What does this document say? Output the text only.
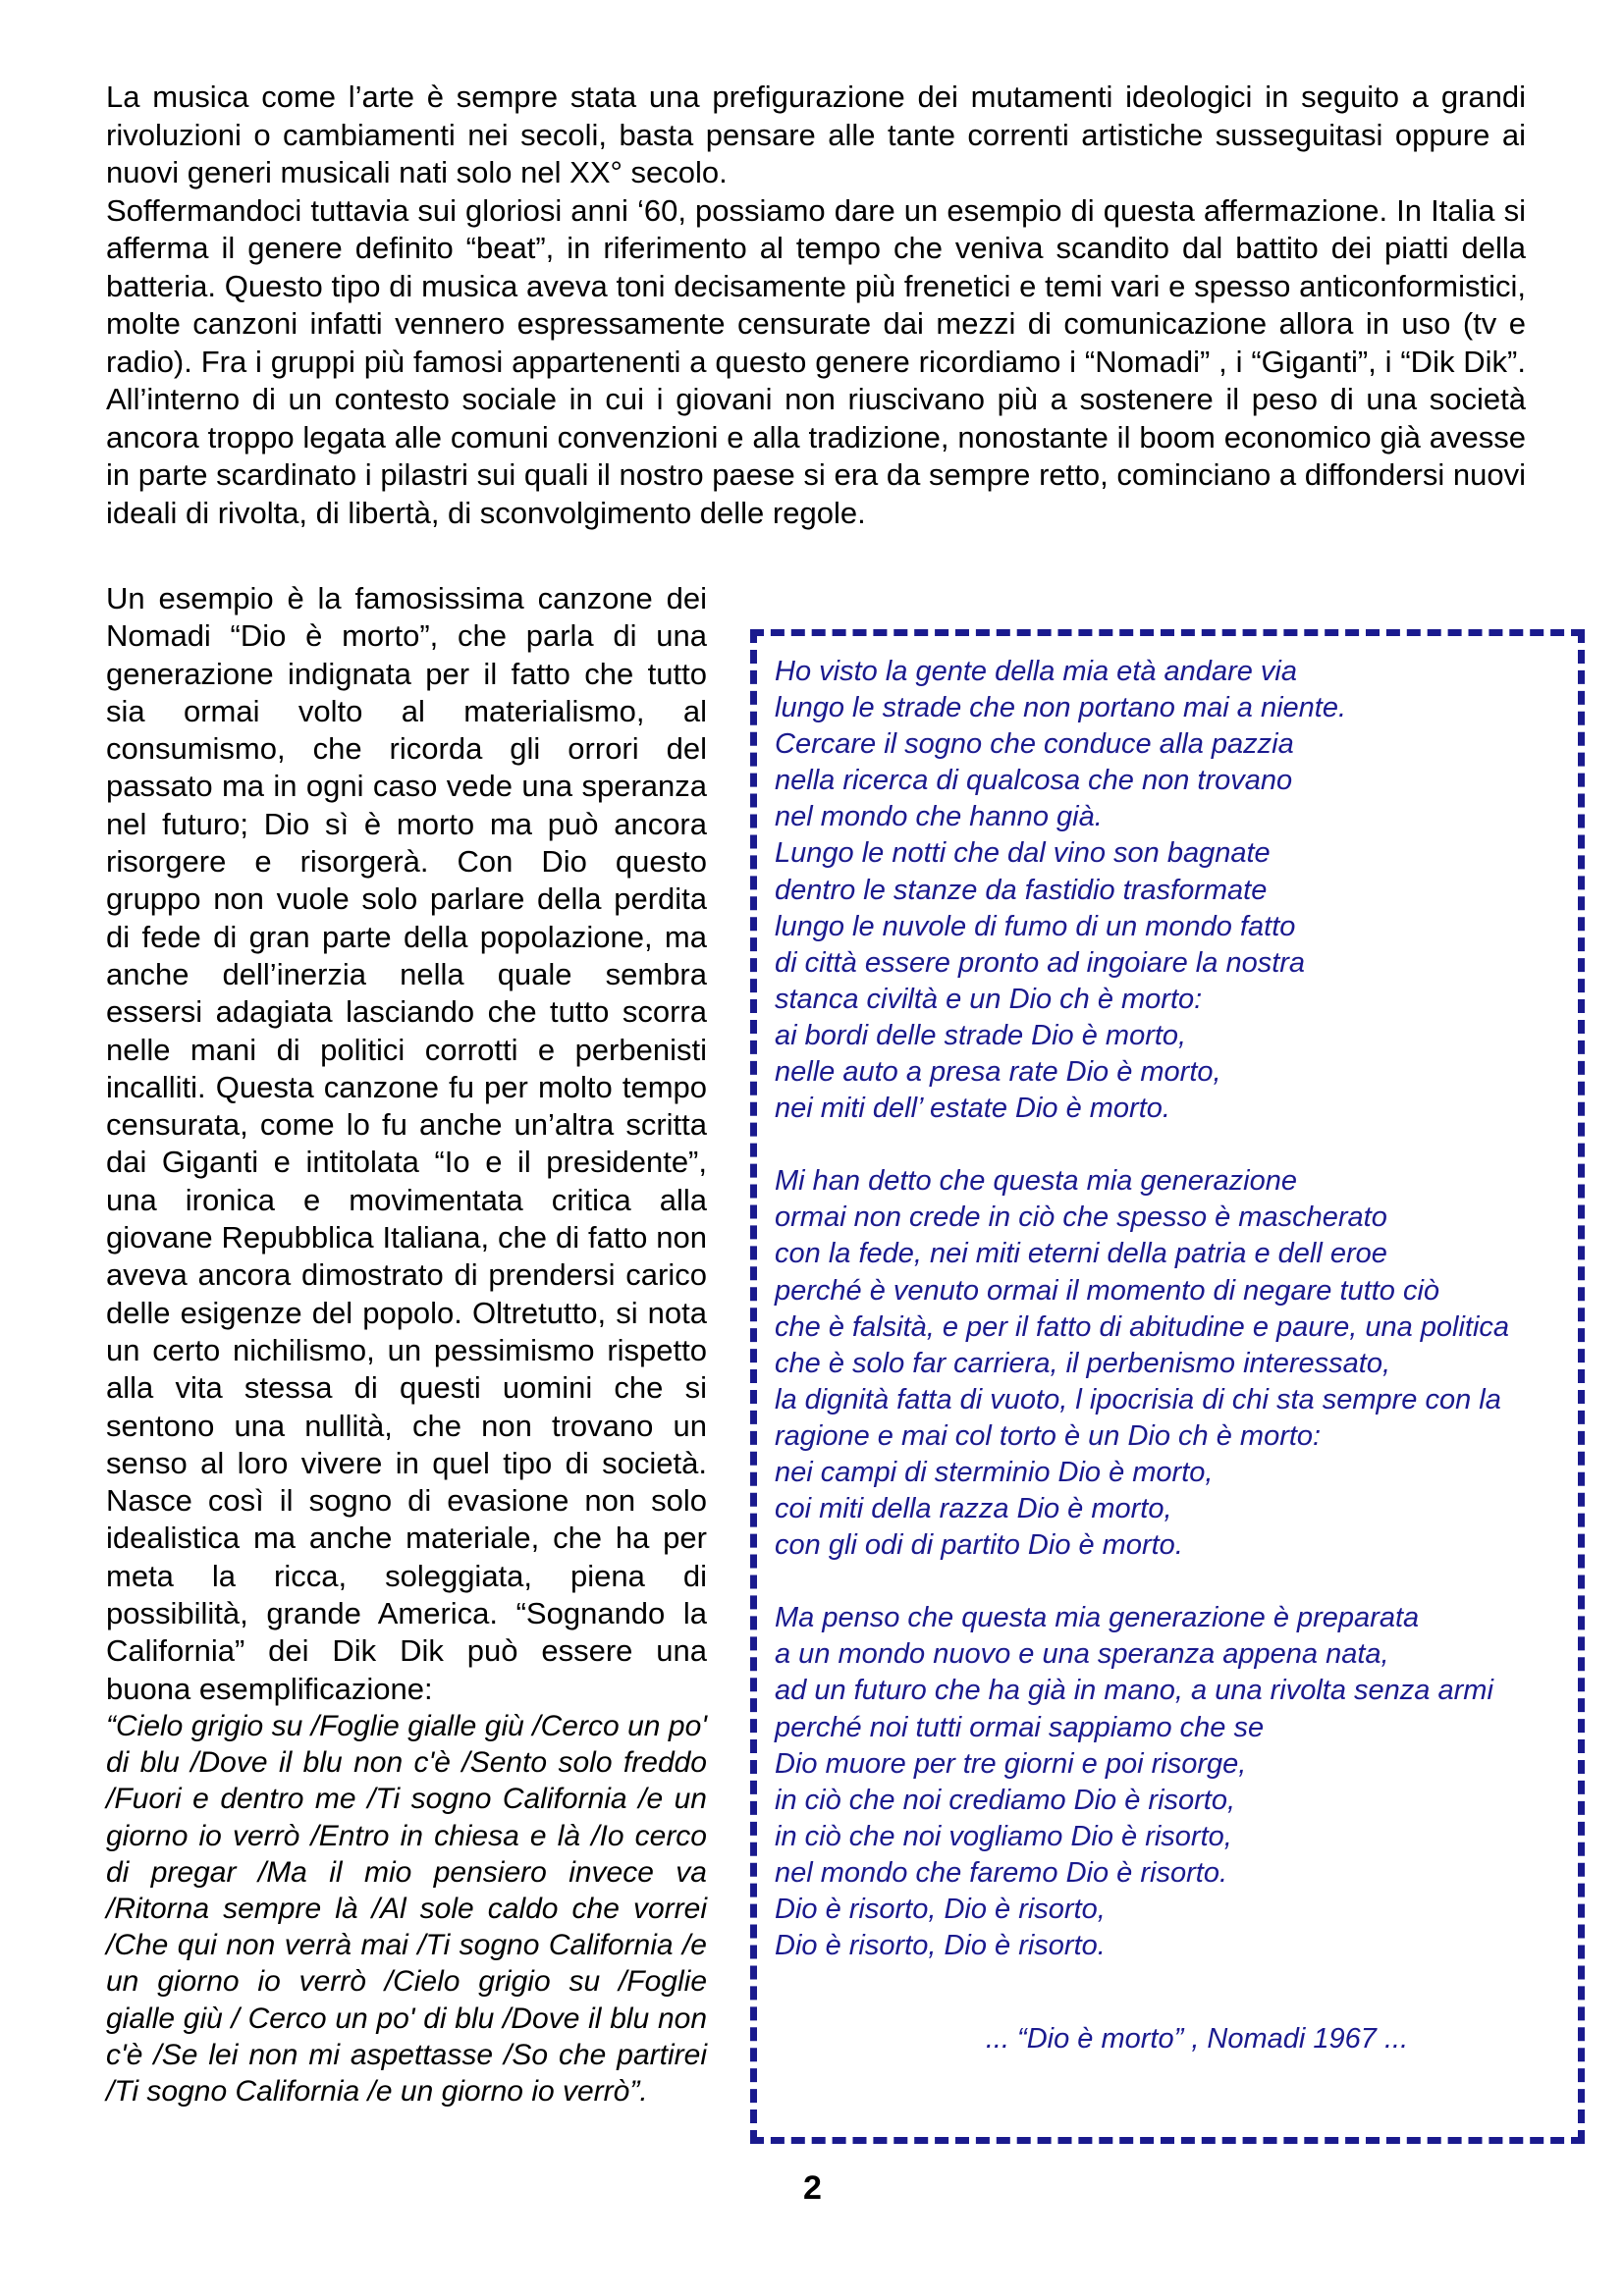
La musica come l’arte è sempre stata una prefigurazione dei mutamenti ideologici in seguito a grandi rivoluzioni o cambiamenti nei secoli, basta pensare alle tante correnti artistiche susseguitasi oppure ai nuovi generi musicali nati solo nel XX° secolo.

Soffermandoci tuttavia sui gloriosi anni ‘60, possiamo dare un esempio di questa affermazione. In Italia si afferma il genere definito “beat”, in riferimento al tempo che veniva scandito dal battito dei piatti della batteria. Questo tipo di musica aveva toni decisamente più frenetici e temi vari e spesso anticonformistici, molte canzoni infatti vennero espressamente censurate dai mezzi di comunicazione allora in uso (tv e radio). Fra i gruppi più famosi appartenenti a questo genere ricordiamo i “Nomadi” , i “Giganti”, i “Dik Dik”. All’interno di un contesto sociale in cui i giovani non riuscivano più a sostenere il peso di una società ancora troppo legata alle comuni convenzioni e alla tradizione, nonostante il boom economico già avesse in parte scardinato i pilastri sui quali il nostro paese si era da sempre retto, cominciano a diffondersi nuovi ideali di rivolta, di libertà, di sconvolgimento delle regole.

Un esempio è la famosissima canzone dei Nomadi “Dio è morto”, che parla di una generazione indignata per il fatto che tutto sia ormai volto al materialismo, al consumismo, che ricorda gli orrori del passato ma in ogni caso vede una speranza nel futuro; Dio sì è morto ma può ancora risorgere e risorgerà. Con Dio questo gruppo non vuole solo parlare della perdita di fede di gran parte della popolazione, ma anche dell’inerzia nella quale sembra essersi adagiata lasciando che tutto scorra nelle mani di politici corrotti e perbenisti incalliti. Questa canzone fu per molto tempo censurata, come lo fu anche un’altra scritta dai Giganti e intitolata “Io e il presidente”, una ironica e movimentata critica alla giovane Repubblica Italiana, che di fatto non aveva ancora dimostrato di prendersi carico delle esigenze del popolo. Oltretutto, si nota un certo nichilismo, un pessimismo rispetto alla vita stessa di questi uomini che si sentono una nullità, che non trovano un senso al loro vivere in quel tipo di società. Nasce così il sogno di evasione non solo idealistica ma anche materiale, che ha per meta la ricca, soleggiata, piena di possibilità, grande America. “Sognando la California” dei Dik Dik può essere una buona esemplificazione:

“Cielo grigio su /Foglie gialle giù /Cerco un po' di blu /Dove il blu non c'è /Sento solo freddo /Fuori e dentro me /Ti sogno California /e un giorno io verrò /Entro in chiesa e là /Io cerco di pregar /Ma il mio pensiero invece va /Ritorna sempre là /Al sole caldo che vorrei /Che qui non verrà mai /Ti sogno California /e un giorno io verrò /Cielo grigio su /Foglie gialle giù / Cerco un po' di blu /Dove il blu non c'è /Se lei non mi aspettasse /So che partirei /Ti sogno California /e un giorno io verrò”.

Ho visto la gente della mia età andare via
lungo le strade che non portano mai a niente.
Cercare il sogno che conduce alla pazzia
nella ricerca di qualcosa che non trovano
nel mondo che hanno già.
Lungo le notti che dal vino son bagnate
dentro le stanze da fastidio trasformate
lungo le nuvole di fumo di un mondo fatto
di città essere pronto ad ingoiare la nostra
stanca civiltà e un Dio ch è morto:
ai bordi delle strade Dio è morto,
nelle auto a presa rate Dio è morto,
nei miti dell’ estate Dio è morto.
Mi han detto che questa mia generazione
ormai non crede in ciò che spesso è mascherato
con la fede, nei miti eterni della patria e dell eroe
perché è venuto ormai il momento di negare tutto ciò
che è falsità, e per il fatto di abitudine e paure, una politica
che è solo far carriera, il perbenismo interessato,
la dignità fatta di vuoto, l ipocrisia di chi sta sempre con la
ragione e mai col torto è un Dio ch è morto:
nei campi di sterminio Dio è morto,
coi miti della razza Dio è morto,
con gli odi di partito Dio è morto.
Ma penso che questa mia generazione è preparata
a un mondo nuovo e una speranza appena nata,
ad un futuro che ha già in mano, a una rivolta senza armi
perché noi tutti ormai sappiamo che se
Dio muore per tre giorni e poi risorge,
in ciò che noi crediamo Dio è risorto,
in ciò che noi vogliamo Dio è risorto,
nel mondo che faremo Dio è risorto.
Dio è risorto, Dio è risorto,
Dio è risorto, Dio è risorto.
... “Dio è morto” , Nomadi 1967 ...
2
